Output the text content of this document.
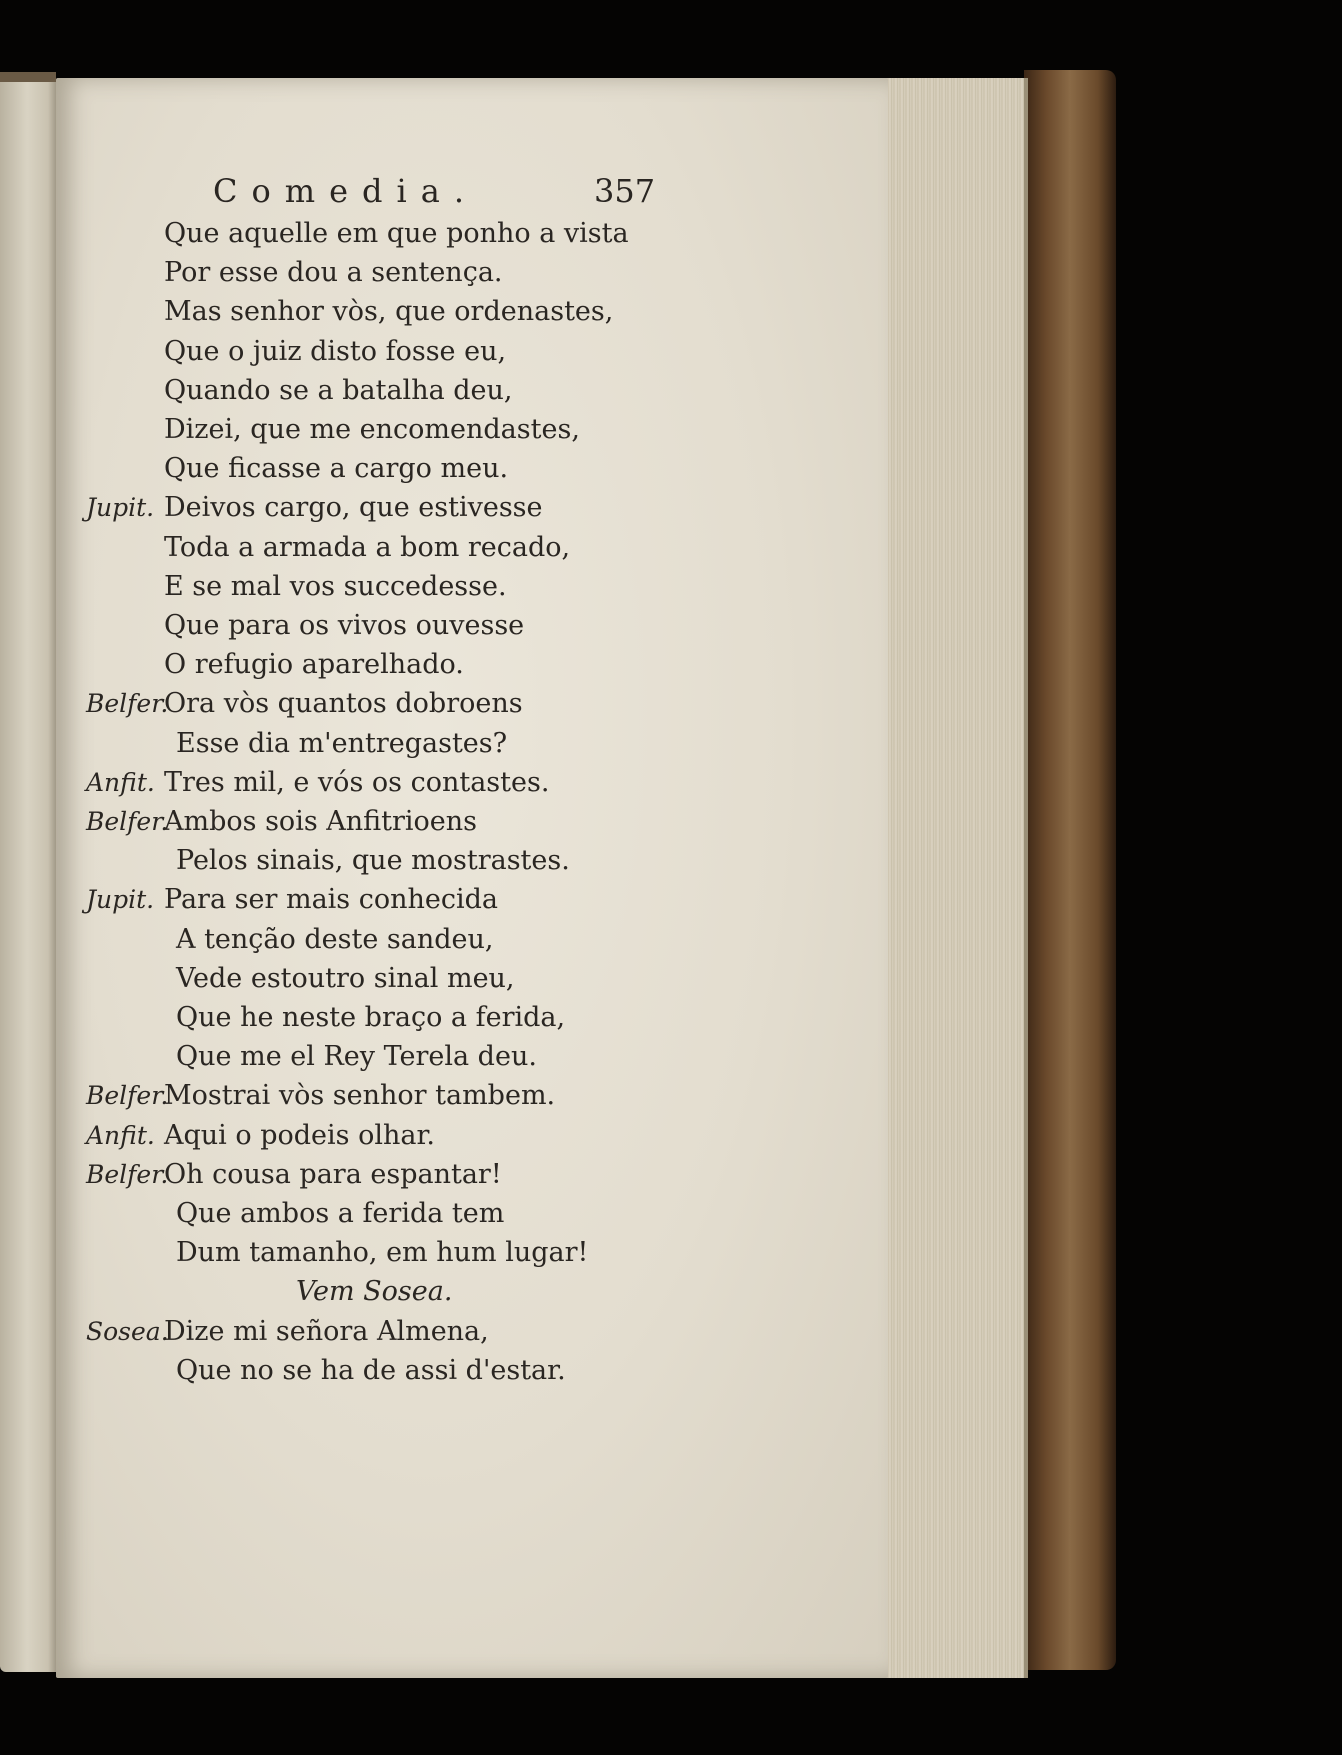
Comedia.	357
Que aquelle em que ponho a vista
Por esse dou a sentença.
Mas senhor vòs, que ordenastes,
Que o juiz disto fosse eu,
Quando se a batalha deu,
Dizei, que me encomendastes,
Que ficasse a cargo meu.
Jupit. Deivos cargo, que estivesse
Toda a armada a bom recado,
E se mal vos succedesse.
Que para os vivos ouvesse
O refugio aparelhado.
Belfer.
Ora vòs quantos dobroens
Esse dia m'entregastes?
Anfit. Tres mil, e vós os contastes.
Belfer.
Ambos sois Anfitrioens
Pelos sinais, que mostrastes.
Jupit. Para ser mais conhecida
A tenção deste sandeu,
Vede estoutro sinal meu,
Que he neste braço a ferida,
Que me el Rey Terela deu.
Belfer.
Mostrai vòs senhor tambem.
Anfit. Aqui o podeis olhar.
Belfer.
Oh cousa para espantar!
Que ambos a ferida tem
Dum tamanho, em hum lugar!
Vem Sosea.
Sosea.
Dize mi señora Almena,
Que no se ha de assi d'estar.
